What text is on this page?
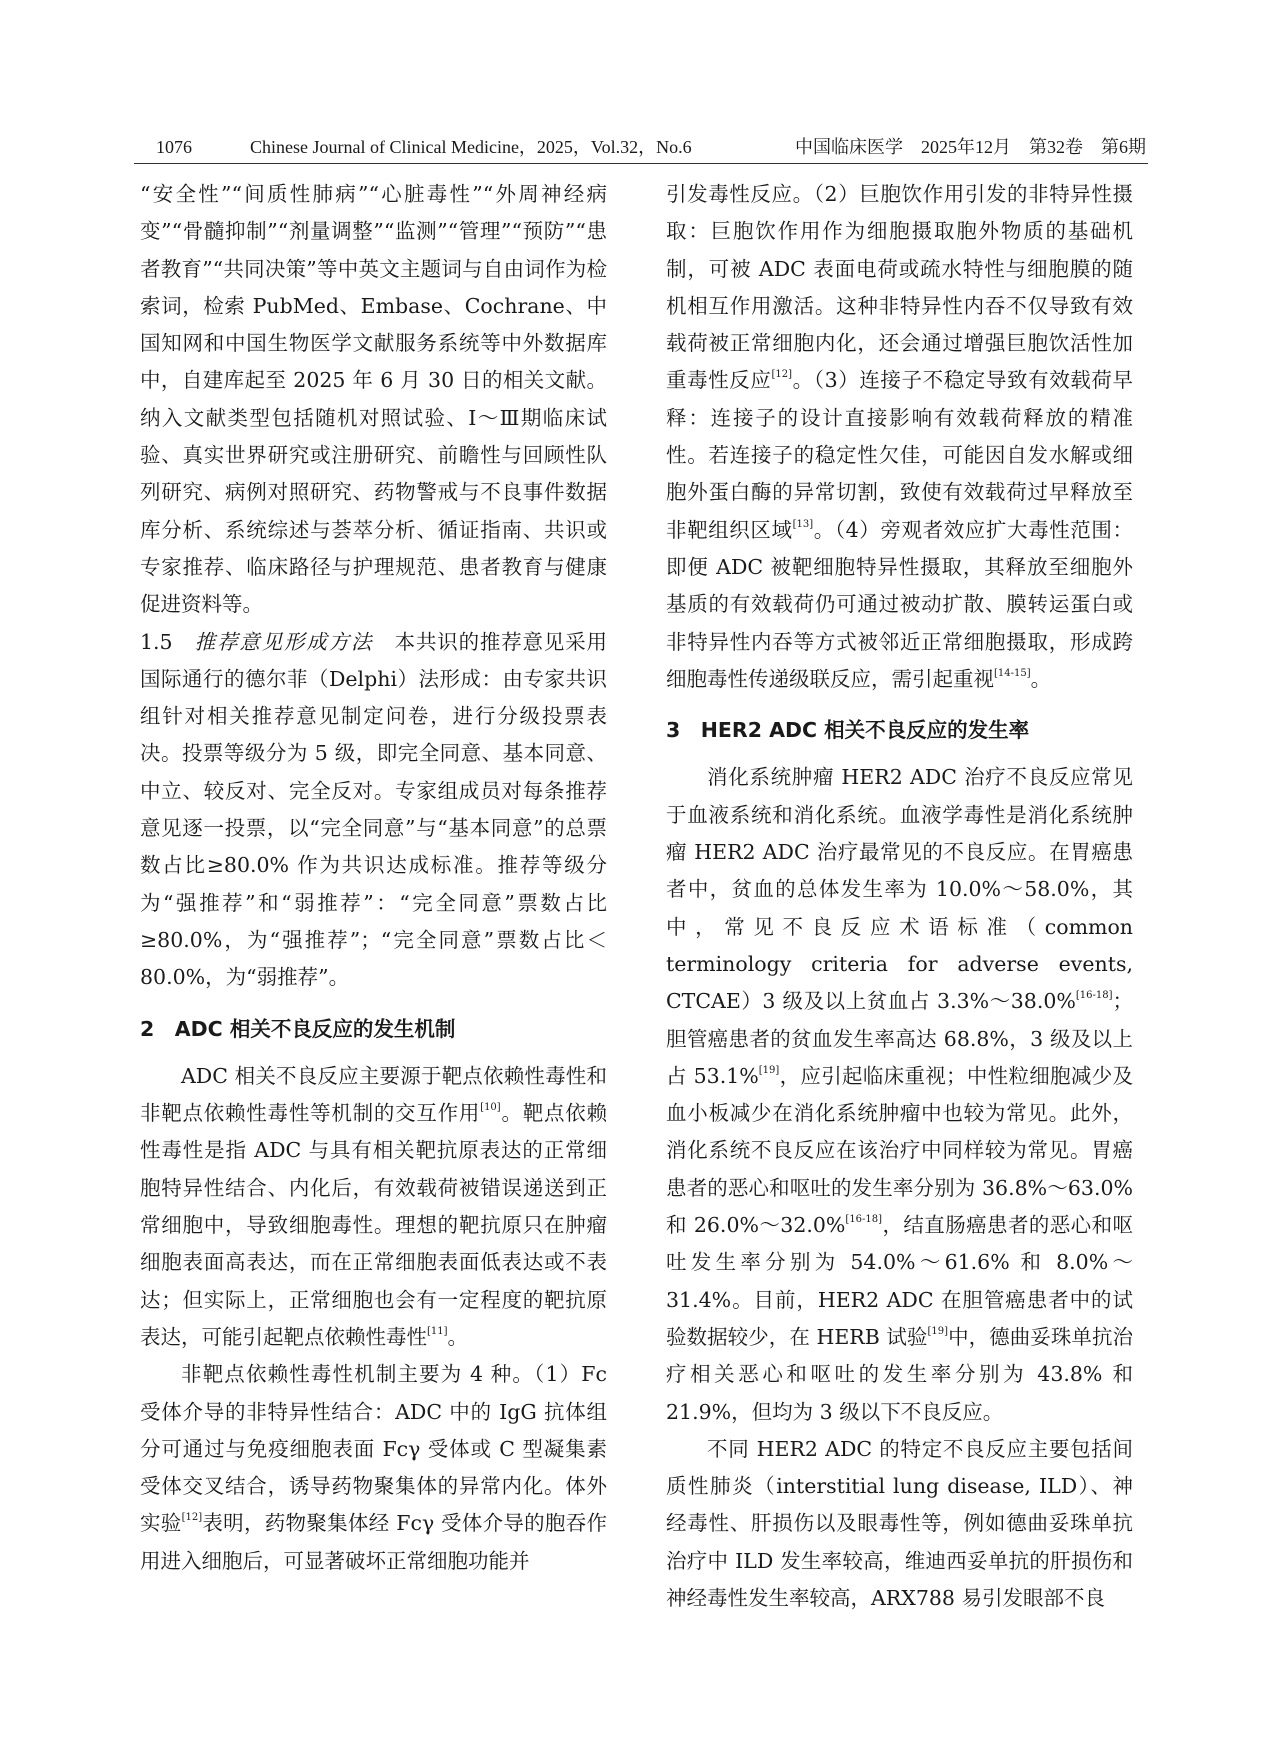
1076	Chinese Journal of Clinical Medicine，2025，Vol.32，No.6	中国临床医学　2025年12月　第32卷　第6期

“安全性”“间质性肺病”“心脏毒性”“外周神经病变”“骨髓抑制”“剂量调整”“监测”“管理”“预防”“患者教育”“共同决策”等中英文主题词与自由词作为检索词，检索 PubMed、Embase、Cochrane、中国知网和中国生物医学文献服务系统等中外数据库中，自建库起至 2025 年 6 月 30 日的相关文献。纳入文献类型包括随机对照试验、Ⅰ～Ⅲ期临床试验、真实世界研究或注册研究、前瞻性与回顾性队列研究、病例对照研究、药物警戒与不良事件数据库分析、系统综述与荟萃分析、循证指南、共识或专家推荐、临床路径与护理规范、患者教育与健康促进资料等。

1.5　 推荐意见形成方法　 本共识的推荐意见采用国际通行的德尔菲（Delphi）法形成：由专家共识组针对相关推荐意见制定问卷，进行分级投票表决。投票等级分为 5 级，即完全同意、基本同意、中立、较反对、完全反对。专家组成员对每条推荐意见逐一投票，以“完全同意”与“基本同意”的总票数占比≥80.0% 作为共识达成标准。推荐等级分为“强推荐”和“弱推荐”：“完全同意”票数占比≥80.0%，为“强推荐”；“完全同意”票数占比＜80.0%，为“弱推荐”。

2　ADC 相关不良反应的发生机制

ADC 相关不良反应主要源于靶点依赖性毒性和非靶点依赖性毒性等机制的交互作用[10]。靶点依赖性毒性是指 ADC 与具有相关靶抗原表达的正常细胞特异性结合、内化后，有效载荷被错误递送到正常细胞中，导致细胞毒性。理想的靶抗原只在肿瘤细胞表面高表达，而在正常细胞表面低表达或不表达；但实际上，正常细胞也会有一定程度的靶抗原表达，可能引起靶点依赖性毒性[11]。

非靶点依赖性毒性机制主要为 4 种。（1）Fc 受体介导的非特异性结合：ADC 中的 IgG 抗体组分可通过与免疫细胞表面 Fcγ 受体或 C 型凝集素受体交叉结合，诱导药物聚集体的异常内化。体外实验[12]表明，药物聚集体经 Fcγ 受体介导的胞吞作用进入细胞后，可显著破坏正常细胞功能并

引发毒性反应。（2）巨胞饮作用引发的非特异性摄取：巨胞饮作用作为细胞摄取胞外物质的基础机制，可被 ADC 表面电荷或疏水特性与细胞膜的随机相互作用激活。这种非特异性内吞不仅导致有效载荷被正常细胞内化，还会通过增强巨胞饮活性加重毒性反应[12]。（3）连接子不稳定导致有效载荷早释：连接子的设计直接影响有效载荷释放的精准性。若连接子的稳定性欠佳，可能因自发水解或细胞外蛋白酶的异常切割，致使有效载荷过早释放至非靶组织区域[13]。（4）旁观者效应扩大毒性范围：即便 ADC 被靶细胞特异性摄取，其释放至细胞外基质的有效载荷仍可通过被动扩散、膜转运蛋白或非特异性内吞等方式被邻近正常细胞摄取，形成跨细胞毒性传递级联反应，需引起重视[14-15]。

3　HER2 ADC 相关不良反应的发生率

消化系统肿瘤 HER2 ADC 治疗不良反应常见于血液系统和消化系统。血液学毒性是消化系统肿瘤 HER2 ADC 治疗最常见的不良反应。在胃癌患者中，贫血的总体发生率为 10.0%～58.0%，其中，常见不良反应术语标准（common terminology criteria for adverse events, CTCAE）3 级及以上贫血占 3.3%～38.0%[16-18]；胆管癌患者的贫血发生率高达 68.8%，3 级及以上占 53.1%[19]，应引起临床重视；中性粒细胞减少及血小板减少在消化系统肿瘤中也较为常见。此外，消化系统不良反应在该治疗中同样较为常见。胃癌患者的恶心和呕吐的发生率分别为 36.8%～63.0% 和 26.0%～32.0%[16-18]，结直肠癌患者的恶心和呕吐发生率分别为 54.0%～61.6% 和 8.0%～31.4%。目前，HER2 ADC 在胆管癌患者中的试验数据较少，在 HERB 试验[19]中，德曲妥珠单抗治疗相关恶心和呕吐的发生率分别为 43.8% 和 21.9%，但均为 3 级以下不良反应。

不同 HER2 ADC 的特定不良反应主要包括间质性肺炎（interstitial lung disease, ILD）、神经毒性、肝损伤以及眼毒性等，例如德曲妥珠单抗治疗中 ILD 发生率较高，维迪西妥单抗的肝损伤和神经毒性发生率较高，ARX788 易引发眼部不良
